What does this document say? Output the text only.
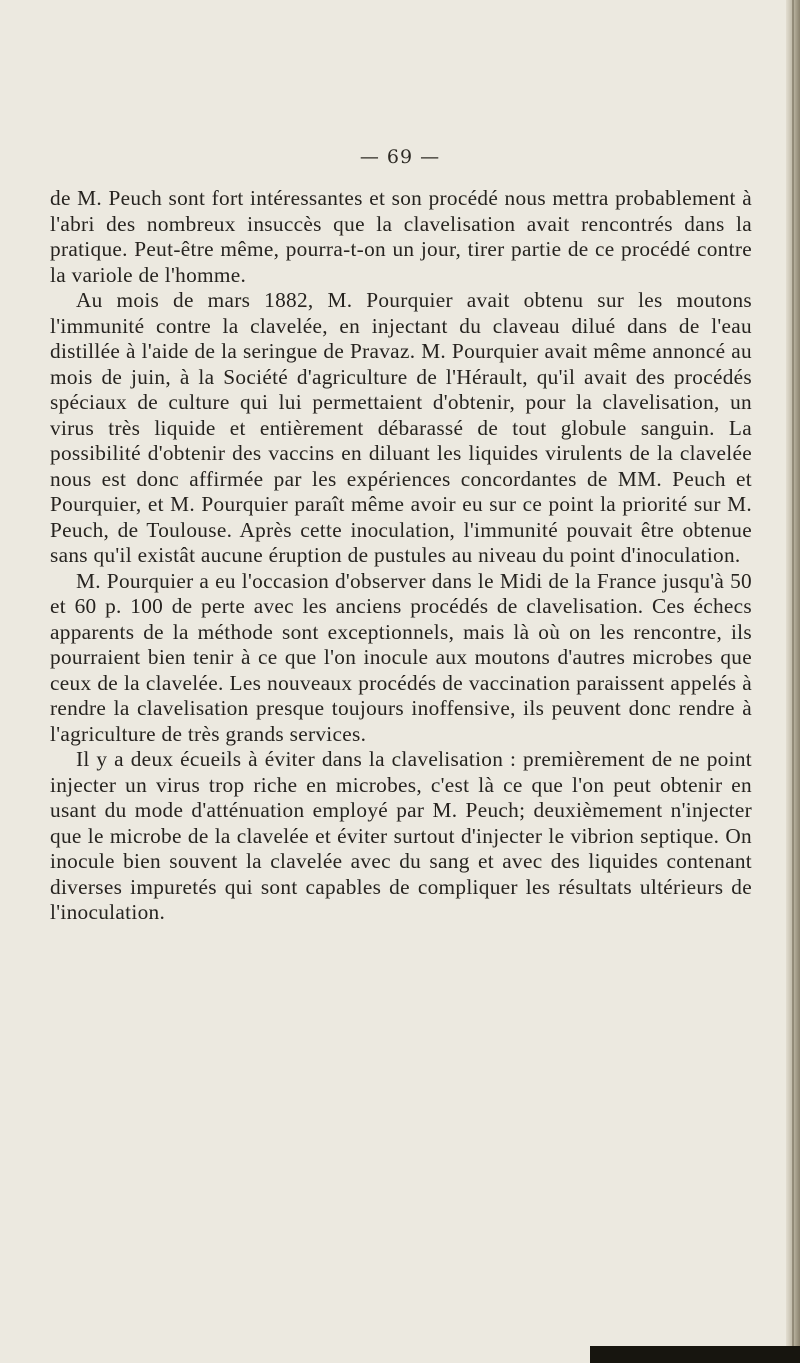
— 69 —

de M. Peuch sont fort intéressantes et son procédé nous mettra probablement à l'abri des nombreux insuccès que la clavelisation avait rencontrés dans la pratique. Peut-être même, pourra-t-on un jour, tirer partie de ce procédé contre la variole de l'homme.

Au mois de mars 1882, M. Pourquier avait obtenu sur les moutons l'immunité contre la clavelée, en injectant du claveau dilué dans de l'eau distillée à l'aide de la seringue de Pravaz. M. Pourquier avait même annoncé au mois de juin, à la Société d'agriculture de l'Hérault, qu'il avait des procédés spéciaux de culture qui lui permettaient d'obtenir, pour la clavelisation, un virus très liquide et entièrement débarassé de tout globule sanguin. La possibilité d'obtenir des vaccins en diluant les liquides virulents de la clavelée nous est donc affirmée par les expériences concordantes de MM. Peuch et Pourquier, et M. Pourquier paraît même avoir eu sur ce point la priorité sur M. Peuch, de Toulouse. Après cette inoculation, l'immunité pouvait être obtenue sans qu'il existât aucune éruption de pustules au niveau du point d'inoculation.

M. Pourquier a eu l'occasion d'observer dans le Midi de la France jusqu'à 50 et 60 p. 100 de perte avec les anciens procédés de clavelisation. Ces échecs apparents de la méthode sont exceptionnels, mais là où on les rencontre, ils pourraient bien tenir à ce que l'on inocule aux moutons d'autres microbes que ceux de la clavelée. Les nouveaux procédés de vaccination paraissent appelés à rendre la clavelisation presque toujours inoffensive, ils peuvent donc rendre à l'agriculture de très grands services.

Il y a deux écueils à éviter dans la clavelisation : premièrement de ne point injecter un virus trop riche en microbes, c'est là ce que l'on peut obtenir en usant du mode d'atténuation employé par M. Peuch; deuxièmement n'injecter que le microbe de la clavelée et éviter surtout d'injecter le vibrion septique. On inocule bien souvent la clavelée avec du sang et avec des liquides contenant diverses impuretés qui sont capables de compliquer les résultats ultérieurs de l'inoculation.
